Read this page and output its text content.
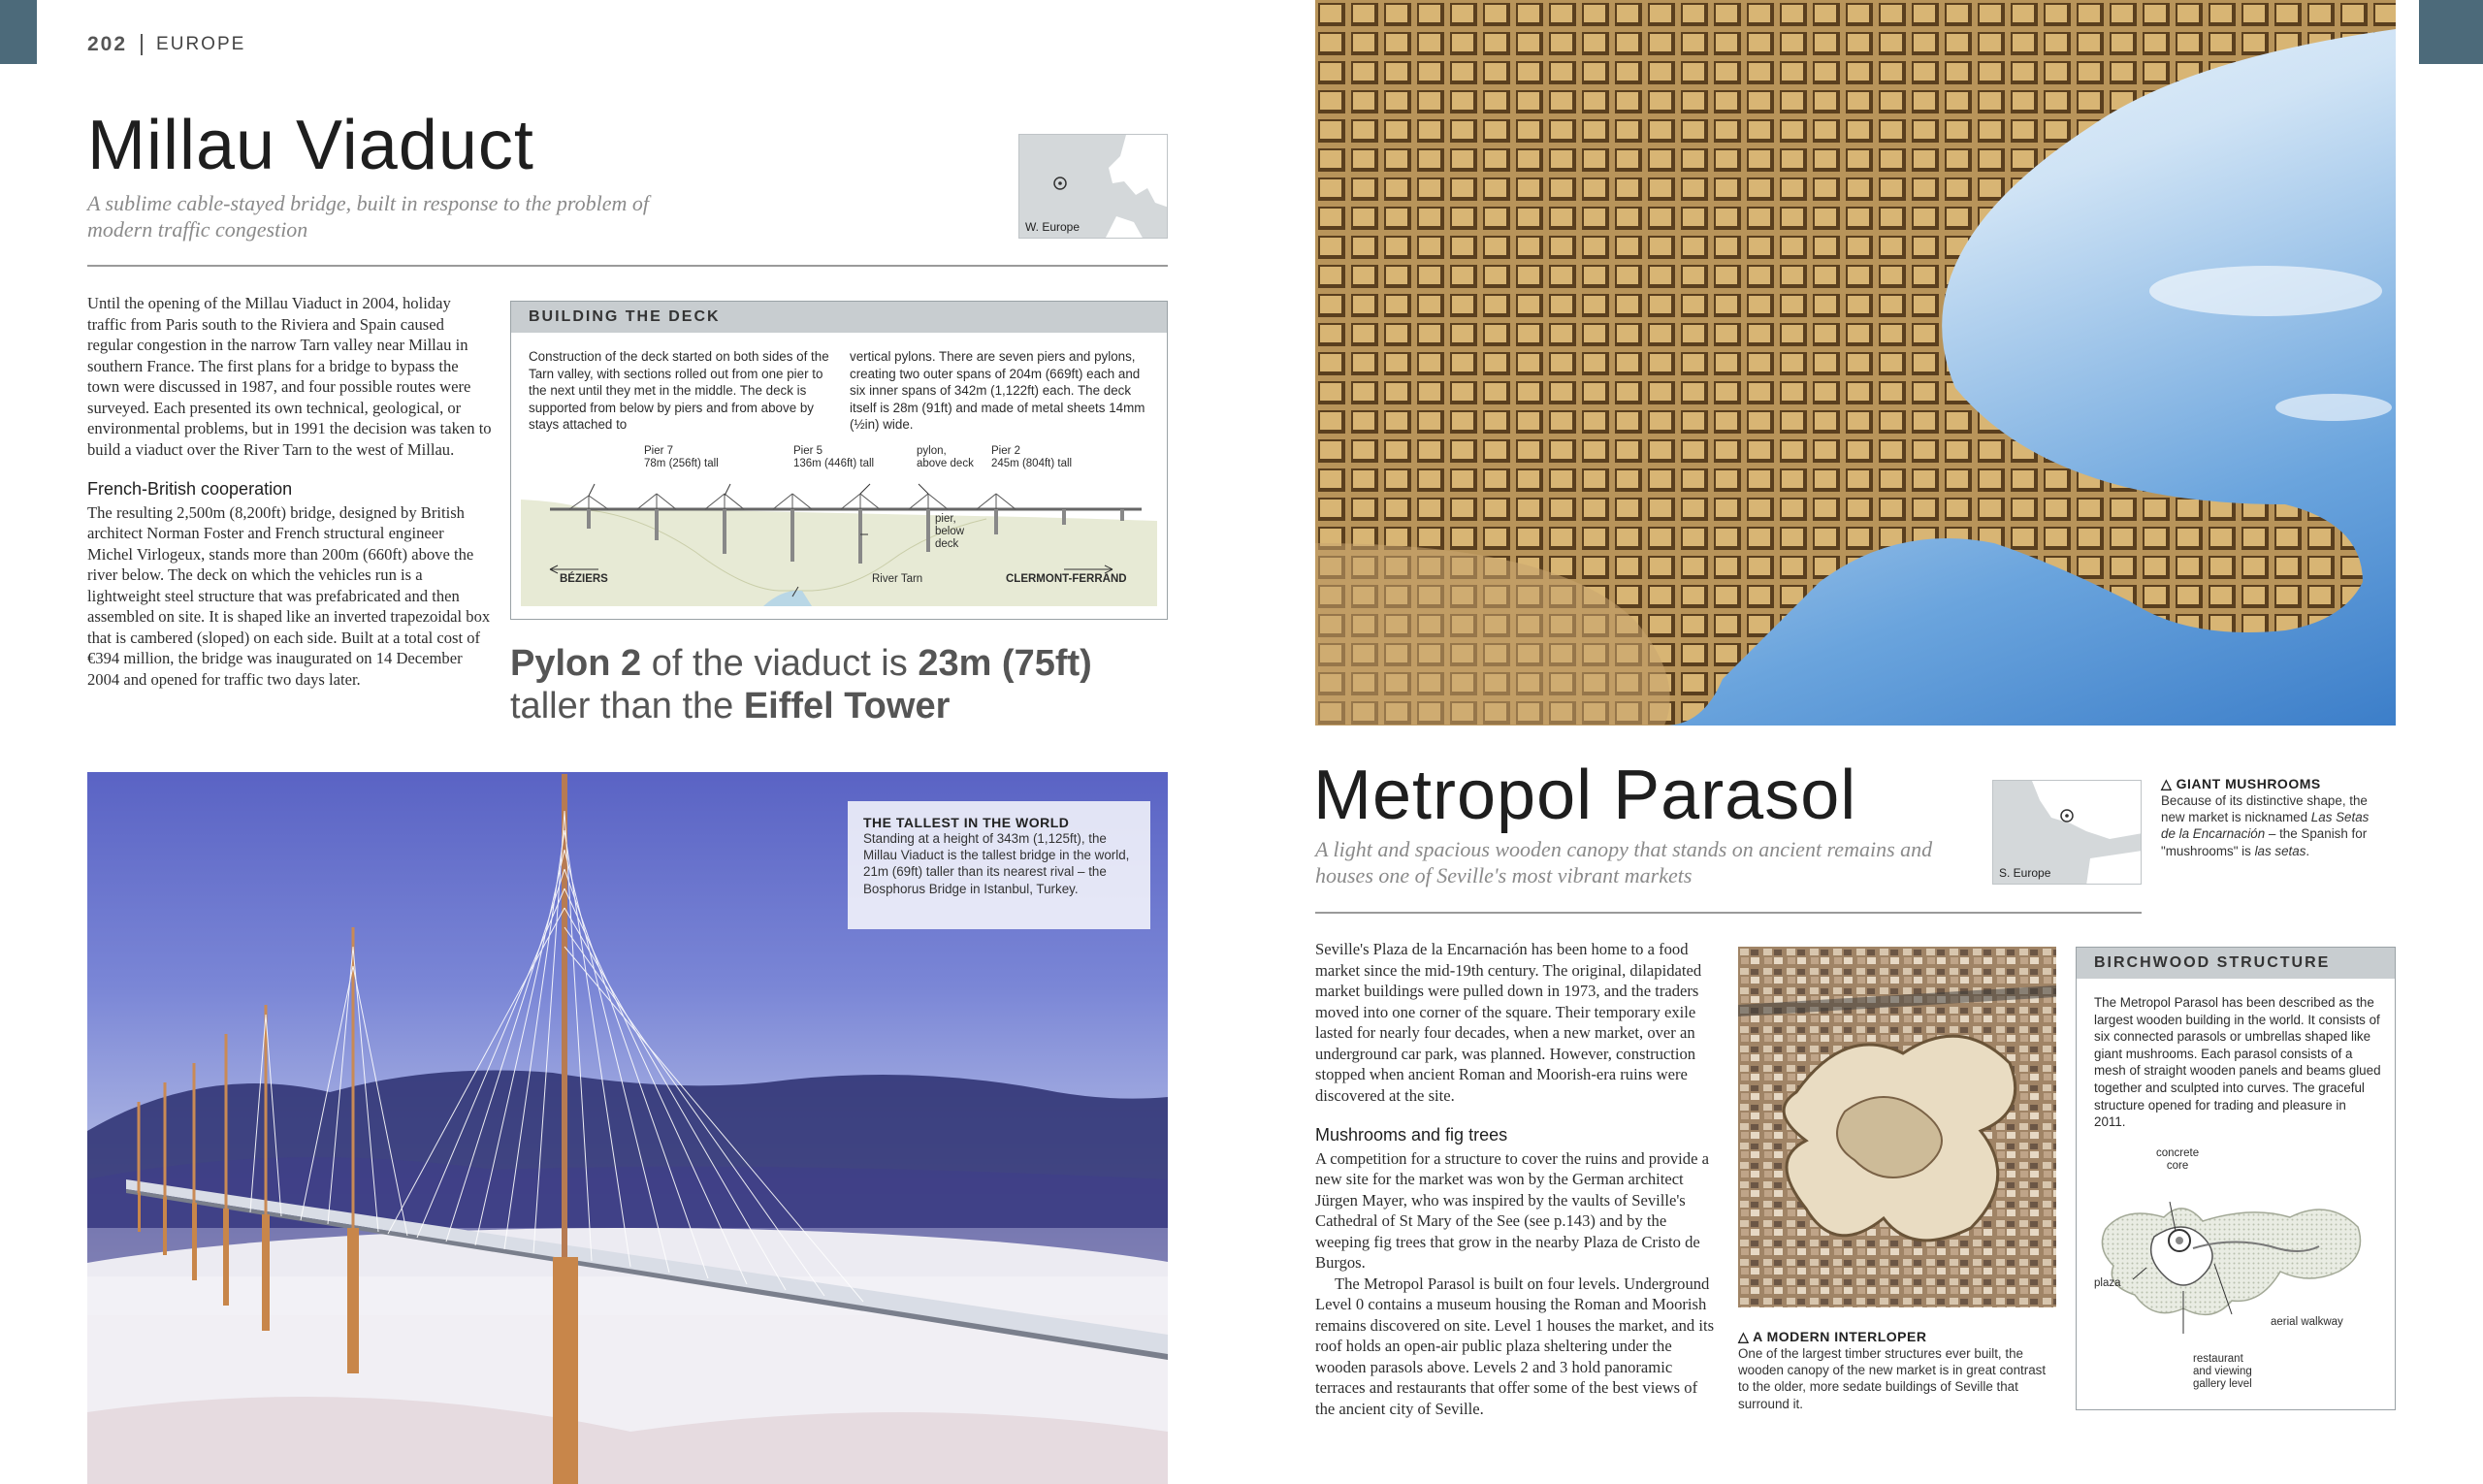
202 EUROPE
Millau Viaduct
A sublime cable-stayed bridge, built in response to the problem of modern traffic congestion	W. Europe

Until the opening of the Millau Viaduct in 2004, holiday traffic from Paris south to the Riviera and Spain caused regular congestion in the narrow Tarn valley near Millau in southern France. The first plans for a bridge to bypass the town were discussed in 1987, and four possible routes were surveyed. Each presented its own technical, geological, or environmental problems, but in 1991 the decision was taken to build a viaduct over the River Tarn to the west of Millau.

French-British cooperation

The resulting 2,500m (8,200ft) bridge, designed by British architect Norman Foster and French structural engineer Michel Virlogeux, stands more than 200m (660ft) above the river below. The deck on which the vehicles run is a lightweight steel structure that was prefabricated and then assembled on site. It is shaped like an inverted trapezoidal box that is cambered (sloped) on each side. Built at a total cost of €394 million, the bridge was inaugurated on 14 December 2004 and opened for traffic two days later.

BUILDING THE DECK
Construction of the deck started on both sides of the Tarn valley, with sections rolled out from one pier to the next until they met in the middle. The deck is supported from below by piers and from above by stays attached to
vertical pylons. There are seven piers and pylons, creating two outer spans of 204m (669ft) each and six inner spans of 342m (1,122ft) each. The deck itself is 28m (91ft) and made of metal sheets 14mm (½in) wide.
Pier 7
78m (256ft) tall
Pier 5
136m (446ft) tall
pylon,
above deck
Pier 2
245m (804ft) tall
pier,
below
deck
BÉZIERS	River Tarn	CLERMONT-FERRAND
Pylon 2 of the viaduct is 23m (75ft)
taller than the Eiffel Tower
THE TALLEST IN THE WORLD
Standing at a height of 343m (1,125ft), the Millau Viaduct is the tallest bridge in the world, 21m (69ft) taller than its nearest rival – the Bosphorus Bridge in Istanbul, Turkey.
Metropol Parasol
A light and spacious wooden canopy that stands on ancient remains and houses one of Seville's most vibrant markets	S. Europe
△ GIANT MUSHROOMS
Because of its distinctive shape, the new market is nicknamed Las Setas de la Encarnación – the Spanish for "mushrooms" is las setas.

Seville's Plaza de la Encarnación has been home to a food market since the mid-19th century. The original, dilapidated market buildings were pulled down in 1973, and the traders moved into one corner of the square. Their temporary exile lasted for nearly four decades, when a new market, over an underground car park, was planned. However, construction stopped when ancient Roman and Moorish-era ruins were discovered at the site.

Mushrooms and fig trees

A competition for a structure to cover the ruins and provide a new site for the market was won by the German architect Jürgen Mayer, who was inspired by the vaults of Seville's Cathedral of St Mary of the See (see p.143) and by the weeping fig trees that grow in the nearby Plaza de Cristo de Burgos.

The Metropol Parasol is built on four levels. Underground Level 0 contains a museum housing the Roman and Moorish remains discovered on site. Level 1 houses the market, and its roof holds an open-air public plaza sheltering under the wooden parasols above. Levels 2 and 3 hold panoramic terraces and restaurants that offer some of the best views of the ancient city of Seville.

△ A MODERN INTERLOPER
One of the largest timber structures ever built, the wooden canopy of the new market is in great contrast to the older, more sedate buildings of Seville that surround it.
BIRCHWOOD STRUCTURE
The Metropol Parasol has been described as the largest wooden building in the world. It consists of six connected parasols or umbrellas shaped like giant mushrooms. Each parasol consists of a mesh of straight wooden panels and beams glued together and sculpted into curves. The graceful structure opened for trading and pleasure in 2011.
concrete
core
plaza
aerial walkway
restaurant
and viewing
gallery level
